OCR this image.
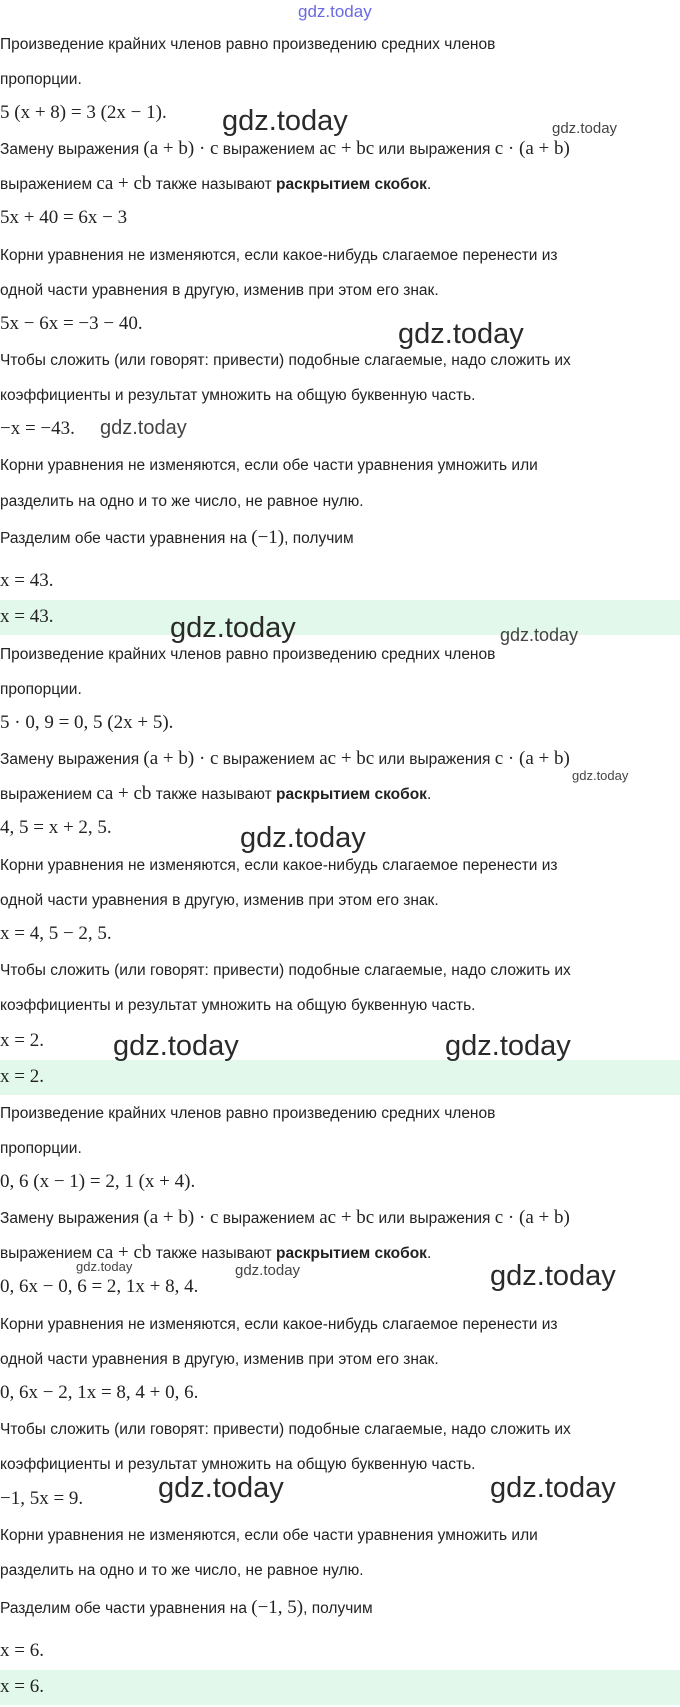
gdz.today
Произведение крайних членов равно произведению средних членов
пропорции.
5 (x + 8) = 3 (2x − 1).
Замену выражения (a + b) · c выражением ac + bc или выражения c · (a + b)
выражением ca + cb также называют раскрытием скобок.
5x + 40 = 6x − 3
Корни уравнения не изменяются, если какое-нибудь слагаемое перенести из
одной части уравнения в другую, изменив при этом его знак.
5x − 6x = −3 − 40.
Чтобы сложить (или говорят: привести) подобные слагаемые, надо сложить их
коэффициенты и результат умножить на общую буквенную часть.
−x = −43.
Корни уравнения не изменяются, если обе части уравнения умножить или
разделить на одно и то же число, не равное нулю.
Разделим обе части уравнения на (−1), получим
x = 43.
x = 43.
Произведение крайних членов равно произведению средних членов
пропорции.
5 · 0, 9 = 0, 5 (2x + 5).
Замену выражения (a + b) · c выражением ac + bc или выражения c · (a + b)
выражением ca + cb также называют раскрытием скобок.
4, 5 = x + 2, 5.
Корни уравнения не изменяются, если какое-нибудь слагаемое перенести из
одной части уравнения в другую, изменив при этом его знак.
x = 4, 5 − 2, 5.
Чтобы сложить (или говорят: привести) подобные слагаемые, надо сложить их
коэффициенты и результат умножить на общую буквенную часть.
x = 2.
x = 2.
Произведение крайних членов равно произведению средних членов
пропорции.
0, 6 (x − 1) = 2, 1 (x + 4).
Замену выражения (a + b) · c выражением ac + bc или выражения c · (a + b)
выражением ca + cb также называют раскрытием скобок.
0, 6x − 0, 6 = 2, 1x + 8, 4.
Корни уравнения не изменяются, если какое-нибудь слагаемое перенести из
одной части уравнения в другую, изменив при этом его знак.
0, 6x − 2, 1x = 8, 4 + 0, 6.
Чтобы сложить (или говорят: привести) подобные слагаемые, надо сложить их
коэффициенты и результат умножить на общую буквенную часть.
−1, 5x = 9.
Корни уравнения не изменяются, если обе части уравнения умножить или
разделить на одно и то же число, не равное нулю.
Разделим обе части уравнения на (−1, 5), получим
x = 6.
x = 6.
gdz.today	gdz.today
gdz.today
gdz.today
gdz.today	gdz.today
gdz.today
gdz.today
gdz.today	gdz.today
gdz.today	gdz.today	gdz.today
gdz.today	gdz.today
